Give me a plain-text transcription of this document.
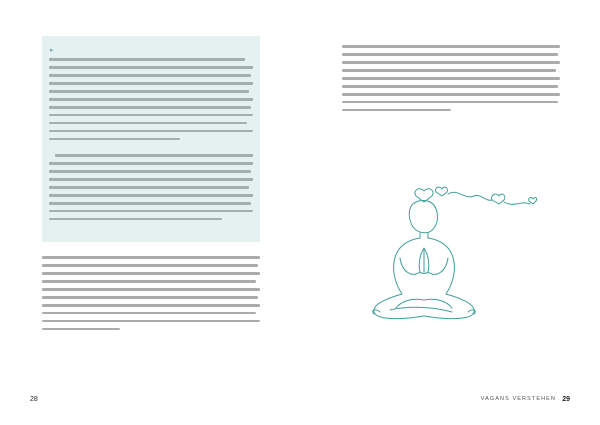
▸
28	VAGANS VERSTEHEN 29
